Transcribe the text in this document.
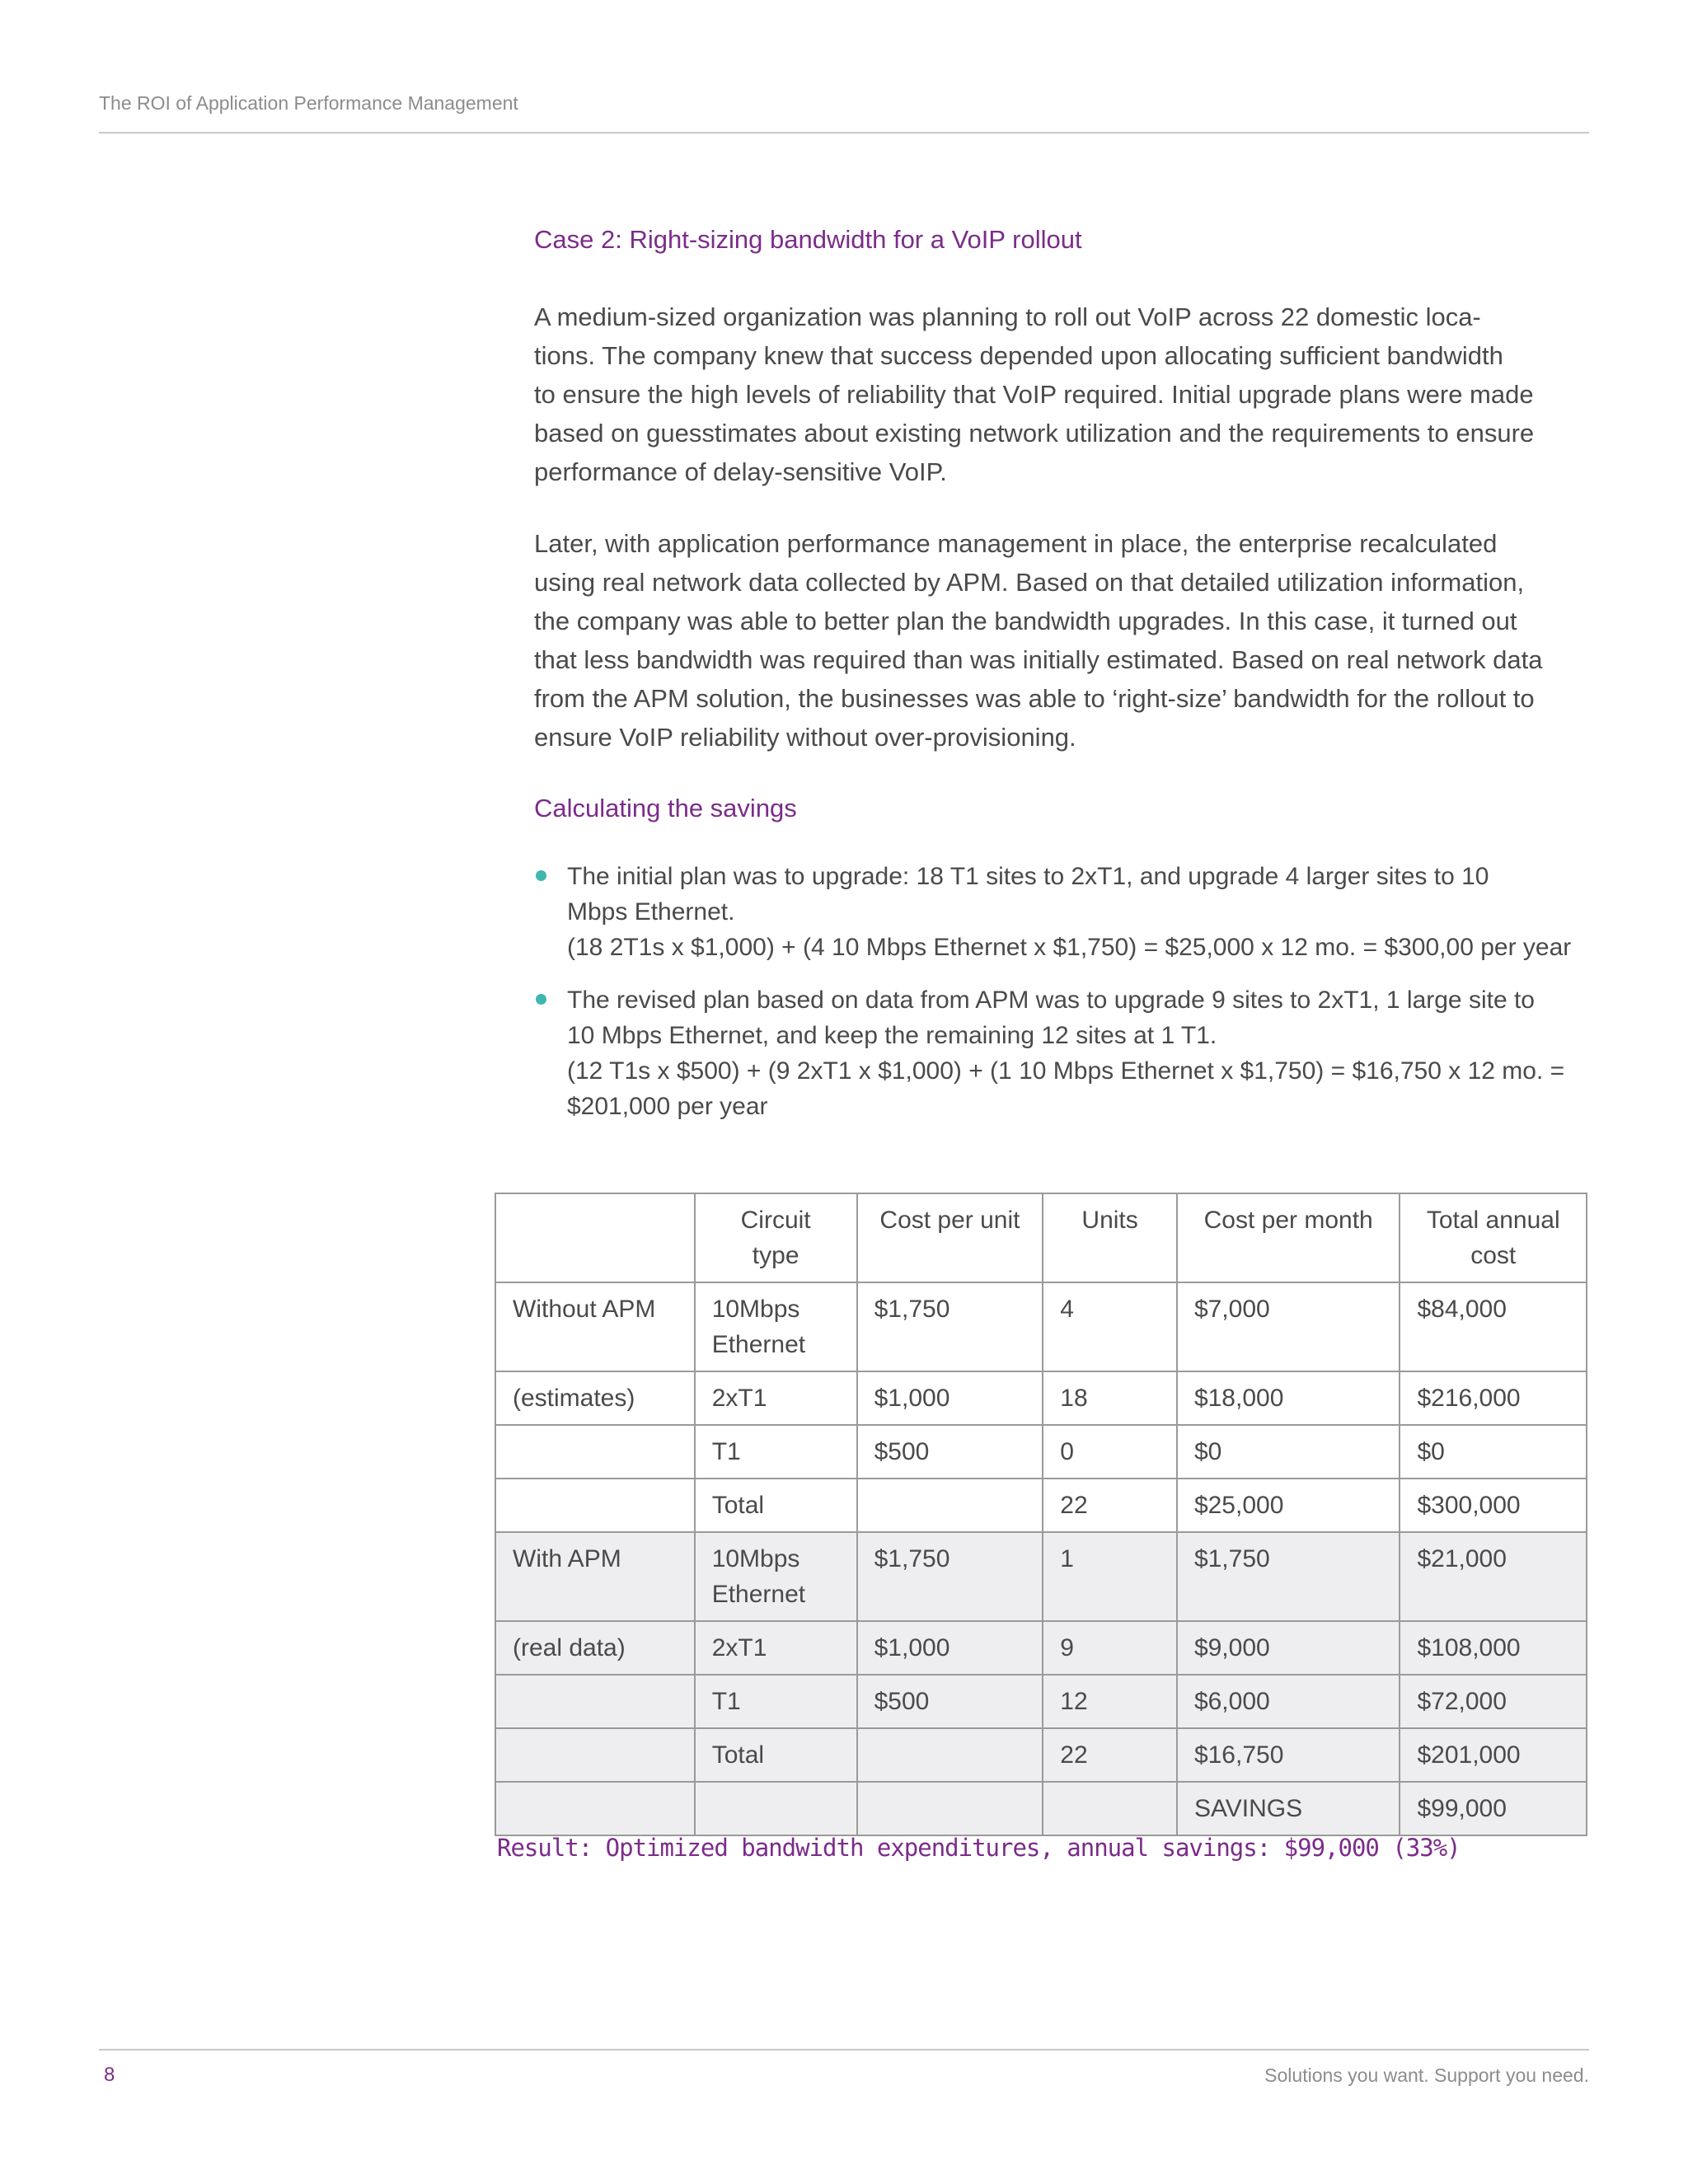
The ROI of Application Performance Management
Case 2: Right-sizing bandwidth for a VoIP rollout

A medium-sized organization was planning to roll out VoIP across 22 domestic loca-
tions. The company knew that success depended upon allocating sufficient bandwidth
to ensure the high levels of reliability that VoIP required. Initial upgrade plans were made
based on guesstimates about existing network utilization and the requirements to ensure
performance of delay-sensitive VoIP.

Later, with application performance management in place, the enterprise recalculated
using real network data collected by APM. Based on that detailed utilization information,
the company was able to better plan the bandwidth upgrades. In this case, it turned out
that less bandwidth was required than was initially estimated. Based on real network data
from the APM solution, the businesses was able to ‘right-size’ bandwidth for the rollout to
ensure VoIP reliability without over-provisioning.

Calculating the savings
The initial plan was to upgrade: 18 T1 sites to 2xT1, and upgrade 4 larger sites to 10
Mbps Ethernet.
(18 2T1s x $1,000) + (4 10 Mbps Ethernet x $1,750) = $25,000 x 12 mo. = $300,00 per year
The revised plan based on data from APM was to upgrade 9 sites to 2xT1, 1 large site to
10 Mbps Ethernet, and keep the remaining 12 sites at 1 T1.
(12 T1s x $500) + (9 2xT1 x $1,000) + (1 10 Mbps Ethernet x $1,750) = $16,750 x 12 mo. =
$201,000 per year

	Circuit
type	Cost per unit	Units	Cost per month	Total annual
cost

Without APM	10Mbps
Ethernet	$1,750	4	$7,000	$84,000

(estimates)	2xT1	$1,000	18	$18,000	$216,000

	T1	$500	0	$0	$0

	Total		22	$25,000	$300,000

With APM	10Mbps
Ethernet	$1,750	1	$1,750	$21,000

(real data)	2xT1	$1,000	9	$9,000	$108,000

	T1	$500	12	$6,000	$72,000

	Total		22	$16,750	$201,000

				SAVINGS	$99,000
Result: Optimized bandwidth expenditures, annual savings: $99,000 (33%)
8	Solutions you want. Support you need.
